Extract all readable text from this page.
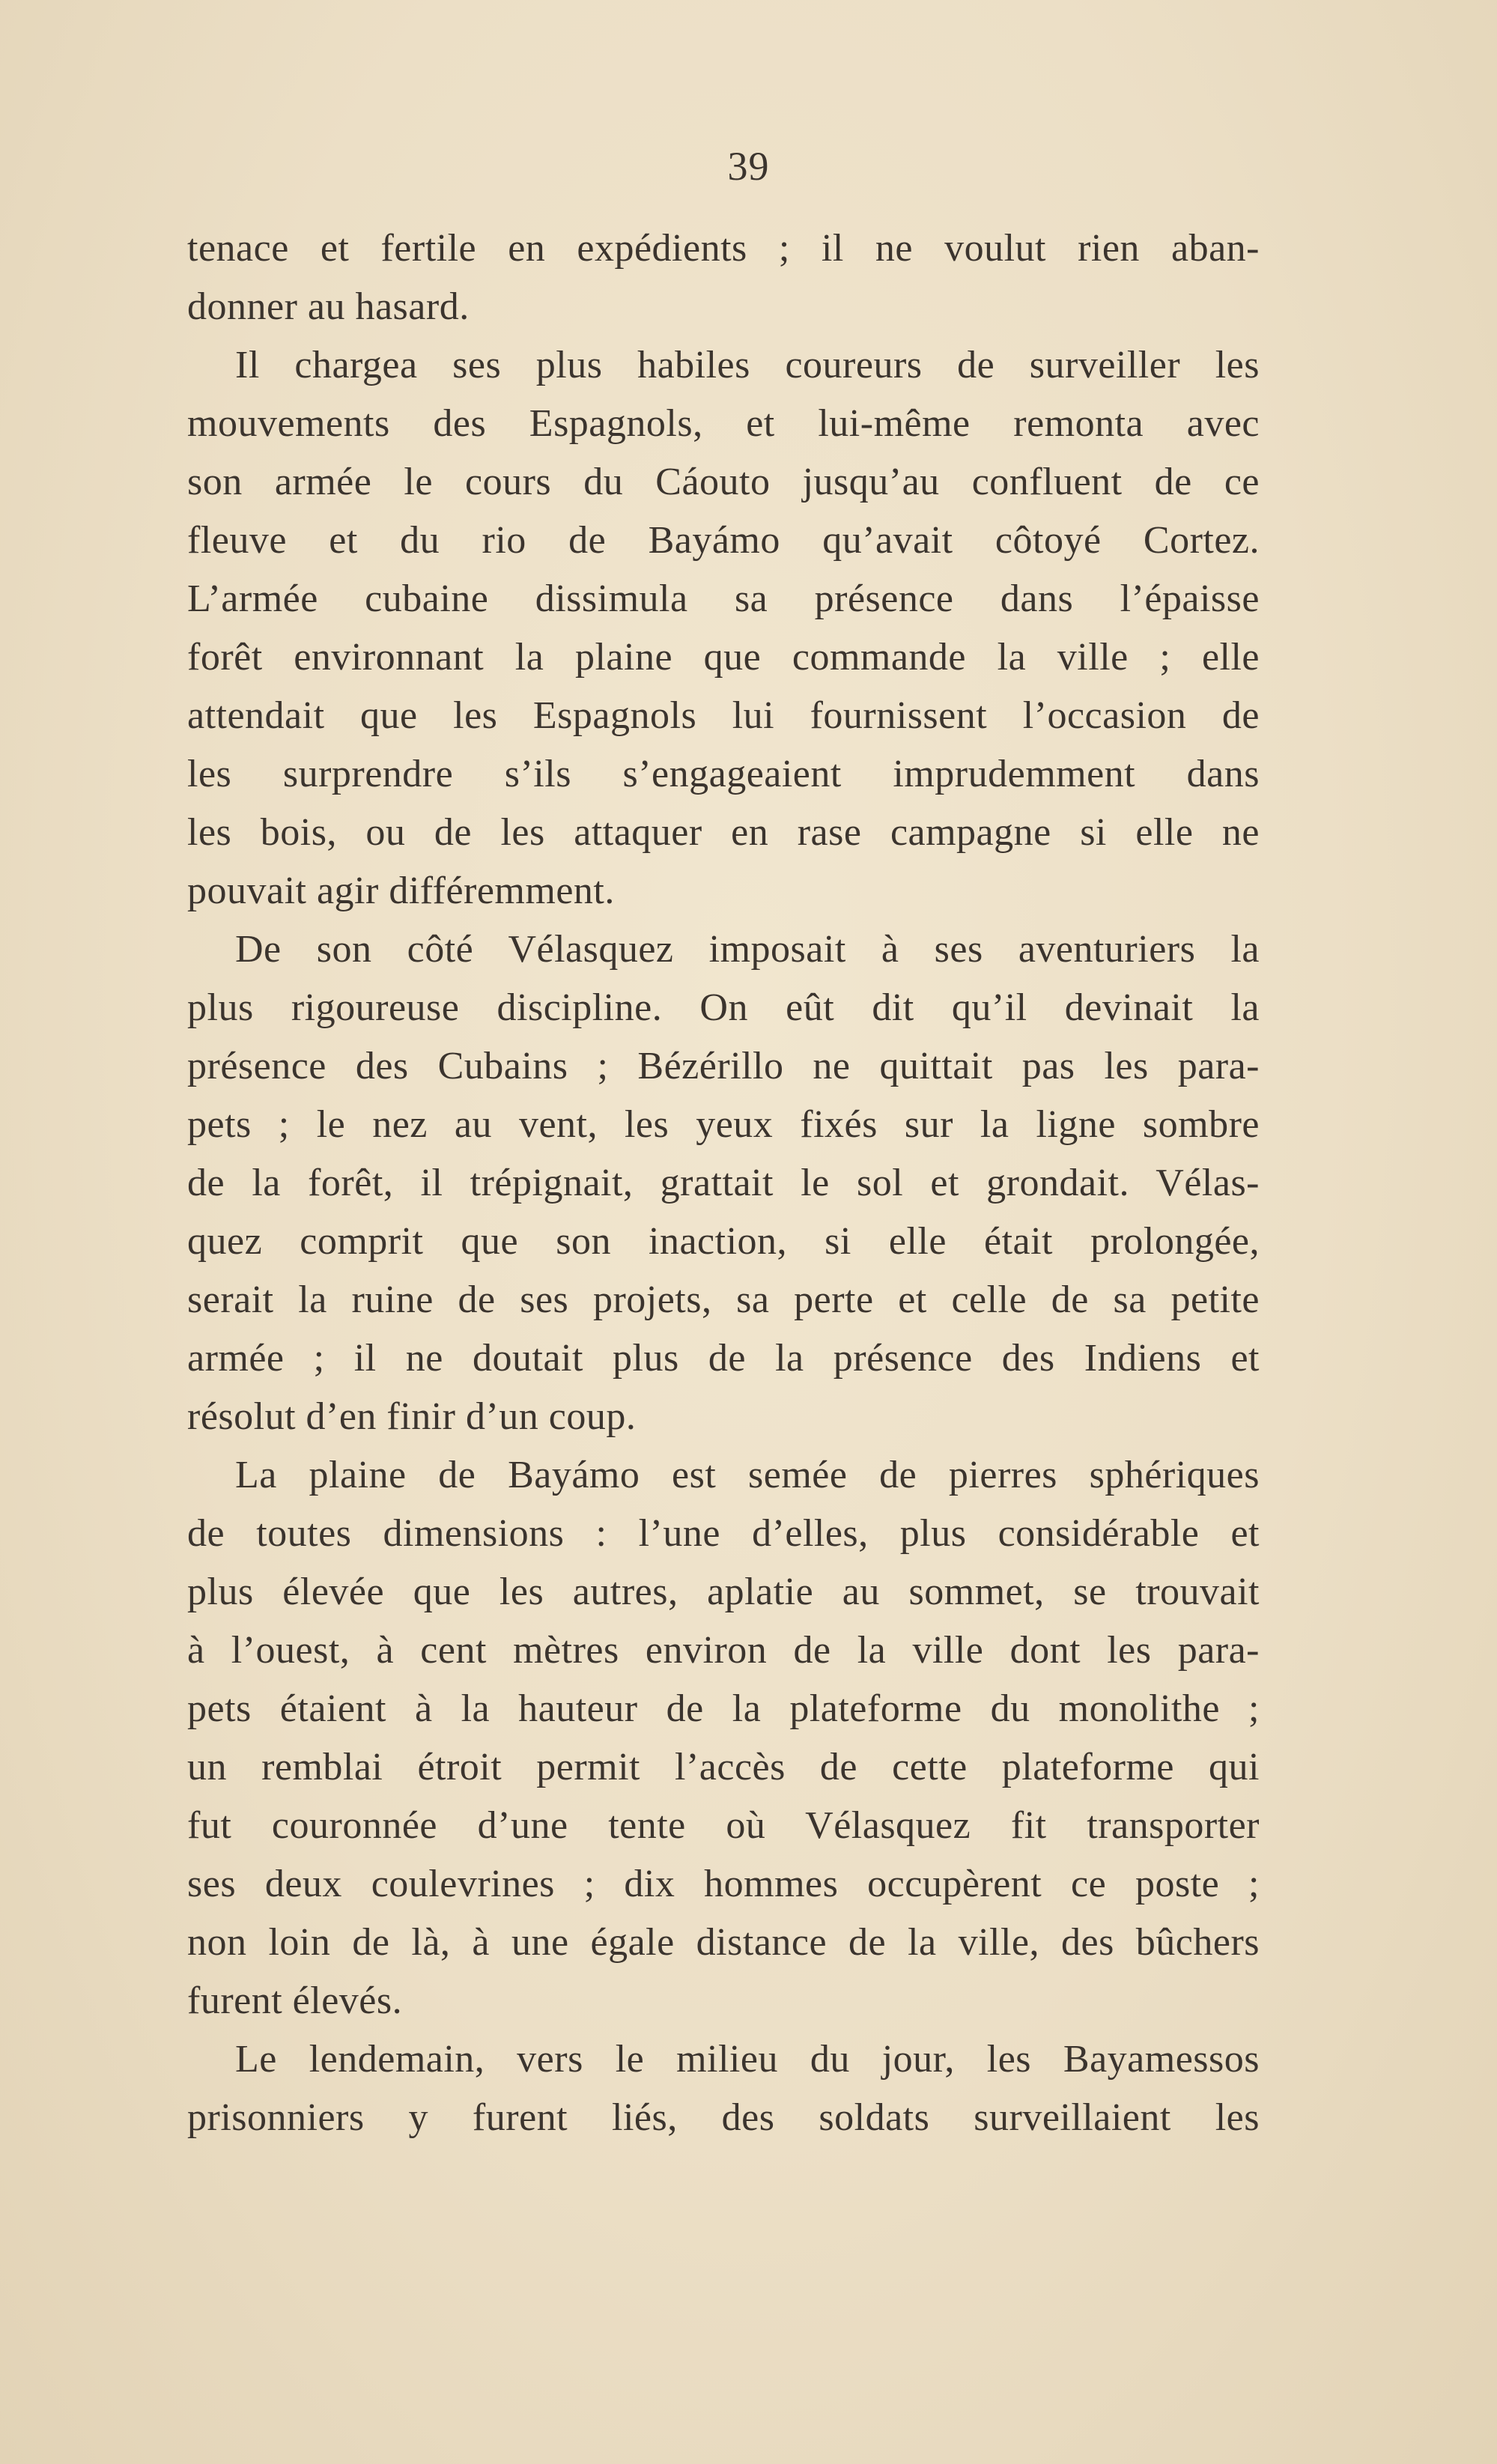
39
tenace et fertile en expédients ; il ne voulut rien aban-
donner au hasard.
Il chargea ses plus habiles coureurs de surveiller les
mouvements des Espagnols, et lui-même remonta avec
son armée le cours du Cáouto jusqu’au confluent de ce
fleuve et du rio de Bayámo qu’avait côtoyé Cortez.
L’armée cubaine dissimula sa présence dans l’épaisse
forêt environnant la plaine que commande la ville ; elle
attendait que les Espagnols lui fournissent l’occasion de
les surprendre s’ils s’engageaient imprudemment dans
les bois, ou de les attaquer en rase campagne si elle ne
pouvait agir différemment.
De son côté Vélasquez imposait à ses aventuriers la
plus rigoureuse discipline. On eût dit qu’il devinait la
présence des Cubains ; Bézérillo ne quittait pas les para-
pets ; le nez au vent, les yeux fixés sur la ligne sombre
de la forêt, il trépignait, grattait le sol et grondait. Vélas-
quez comprit que son inaction, si elle était prolongée,
serait la ruine de ses projets, sa perte et celle de sa petite
armée ; il ne doutait plus de la présence des Indiens et
résolut d’en finir d’un coup.
La plaine de Bayámo est semée de pierres sphériques
de toutes dimensions : l’une d’elles, plus considérable et
plus élevée que les autres, aplatie au sommet, se trouvait
à l’ouest, à cent mètres environ de la ville dont les para-
pets étaient à la hauteur de la plateforme du monolithe ;
un remblai étroit permit l’accès de cette plateforme qui
fut couronnée d’une tente où Vélasquez fit transporter
ses deux coulevrines ; dix hommes occupèrent ce poste ;
non loin de là, à une égale distance de la ville, des bûchers
furent élevés.
Le lendemain, vers le milieu du jour, les Bayamessos
prisonniers y furent liés, des soldats surveillaient les
